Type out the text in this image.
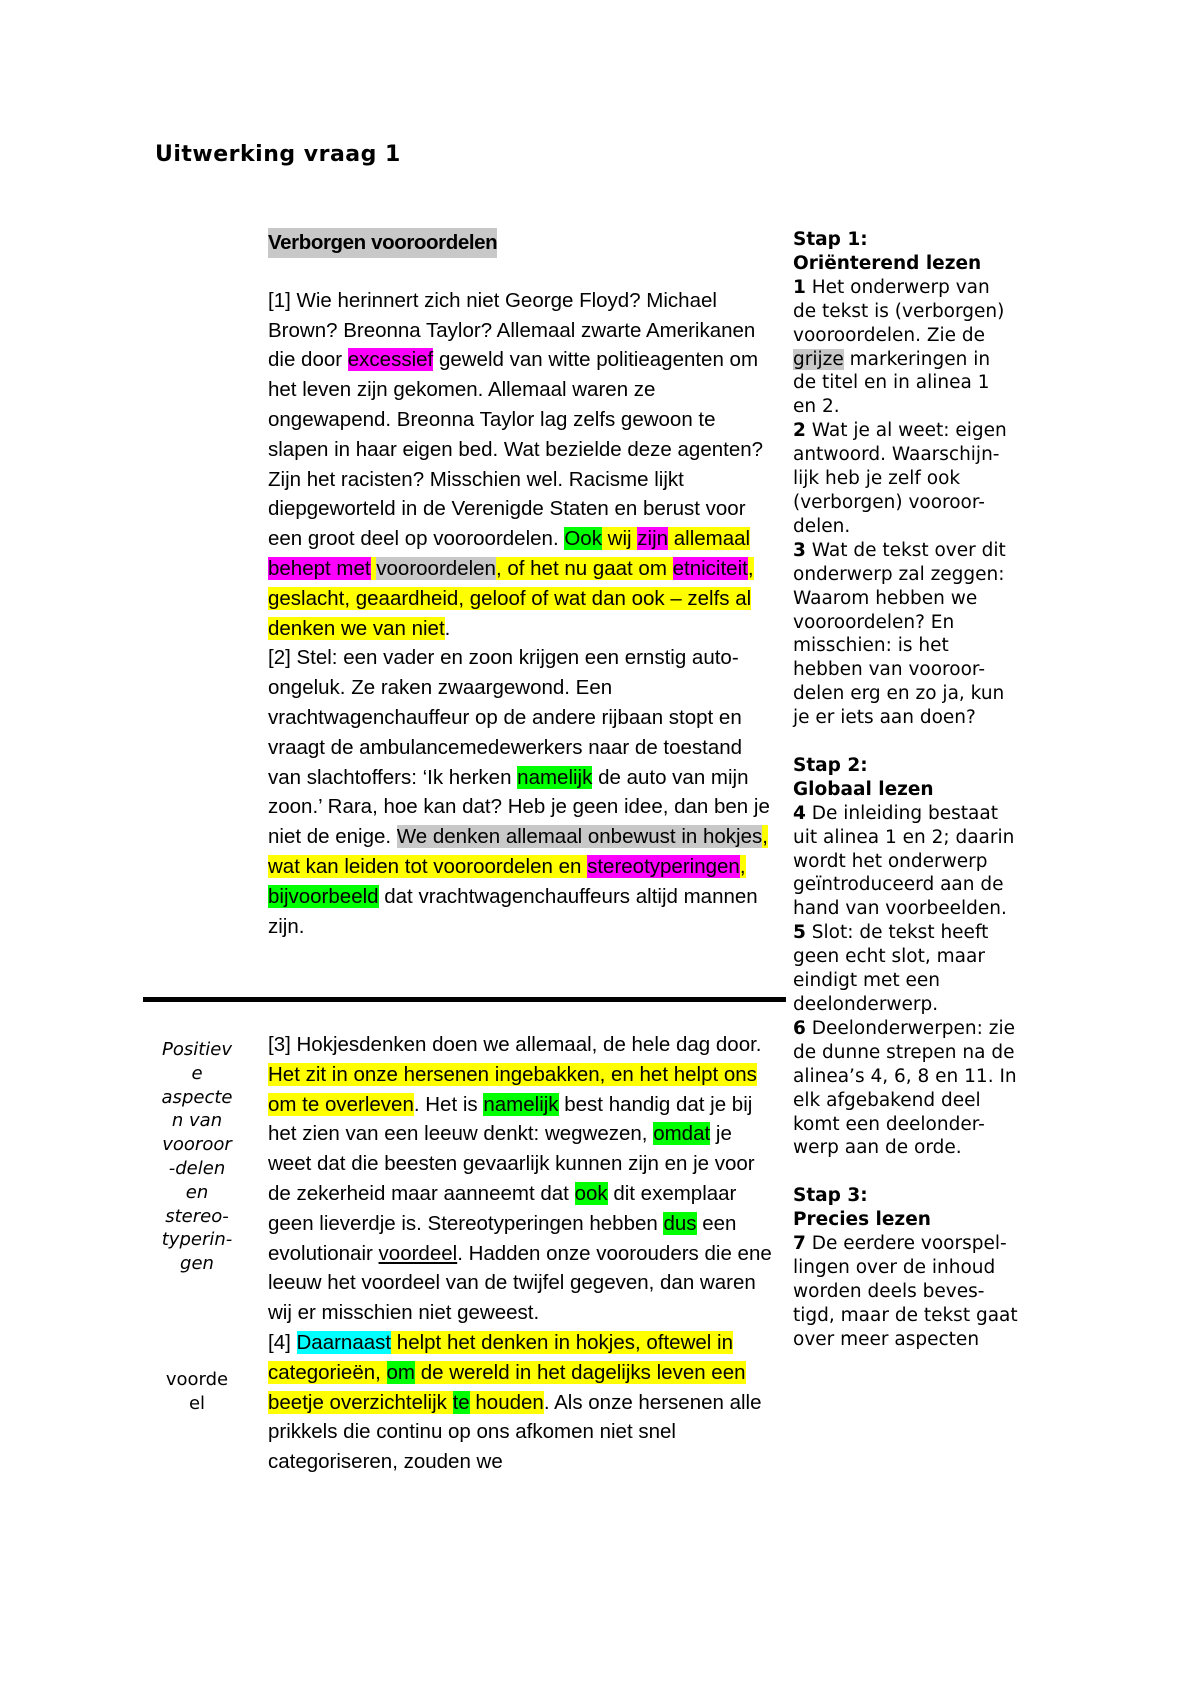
Uitwerking vraag 1

Verborgen vooroordelen

[1] Wie herinnert zich niet George Floyd? Michael Brown? Breonna Taylor? Allemaal zwarte Amerikanen die door excessief geweld van witte politieagenten om het leven zijn gekomen. Allemaal waren ze ongewapend. Breonna Taylor lag zelfs gewoon te slapen in haar eigen bed. Wat bezielde deze agenten? Zijn het racisten? Misschien wel. Racisme lijkt diepgeworteld in de Verenigde Staten en berust voor een groot deel op vooroordelen. Ook wij zijn allemaal behept met vooroordelen, of het nu gaat om etniciteit, geslacht, geaardheid, geloof of wat dan ook – zelfs al denken we van niet.

[2] Stel: een vader en zoon krijgen een ernstig auto-ongeluk. Ze raken zwaargewond. Een vrachtwagenchauffeur op de andere rijbaan stopt en vraagt de ambulancemedewerkers naar de toestand van slachtoffers: ‘Ik herken namelijk de auto van mijn zoon.’ Rara, hoe kan dat? Heb je geen idee, dan ben je niet de enige. We denken allemaal onbewust in hokjes, wat kan leiden tot vooroordelen en stereotyperingen, bijvoorbeeld dat vrachtwagenchauffeurs altijd mannen zijn.

Positiev
e
aspecte
n van
vooroor
-delen
en
stereo-
typerin-
gen
voorde
el

[3] Hokjesdenken doen we allemaal, de hele dag door. Het zit in onze hersenen ingebakken, en het helpt ons om te overleven. Het is namelijk best handig dat je bij het zien van een leeuw denkt: wegwezen, omdat je weet dat die beesten gevaarlijk kunnen zijn en je voor de zekerheid maar aanneemt dat ook dit exemplaar geen lieverdje is. Stereotyperingen hebben dus een evolutionair voordeel. Hadden onze voorouders die ene leeuw het voordeel van de twijfel gegeven, dan waren wij er misschien niet geweest.

[4] Daarnaast helpt het denken in hokjes, oftewel in categorieën, om de wereld in het dagelijks leven een beetje overzichtelijk te houden. Als onze hersenen alle prikkels die continu op ons afkomen niet snel categoriseren, zouden we

Stap 1:

Oriënterend lezen

1 Het onderwerp van de tekst is (verborgen) vooroordelen. Zie de grijze markeringen in de titel en in alinea 1 en 2.

2 Wat je al weet: eigen antwoord. Waarschijn-lijk heb je zelf ook (verborgen) vooroor-delen.

3 Wat de tekst over dit onderwerp zal zeggen: Waarom hebben we vooroordelen? En misschien: is het hebben van vooroor-delen erg en zo ja, kun je er iets aan doen?

Stap 2:

Globaal lezen

4 De inleiding bestaat uit alinea 1 en 2; daarin wordt het onderwerp geïntroduceerd aan de hand van voorbeelden.

5 Slot: de tekst heeft geen echt slot, maar eindigt met een deelonderwerp.

6 Deelonderwerpen: zie de dunne strepen na de alinea’s 4, 6, 8 en 11. In elk afgebakend deel komt een deelonder-werp aan de orde.

Stap 3:

Precies lezen

7 De eerdere voorspel-lingen over de inhoud worden deels beves-tigd, maar de tekst gaat over meer aspecten
